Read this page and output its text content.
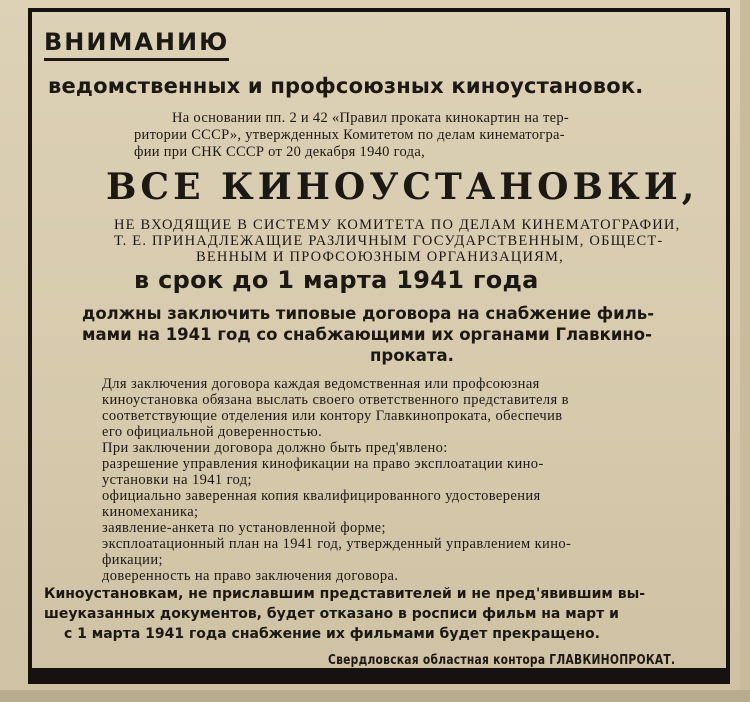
ВНИМАНИЮ
ведомственных и профсоюзных киноустановок.
На основании пп. 2 и 42 «Правил проката кинокартин на тер-
ритории СССР», утвержденных Комитетом по делам кинематогра-
фии при СНК СССР от 20 декабря 1940 года,
ВСЕ КИНОУСТАНОВКИ,
НЕ ВХОДЯЩИЕ В СИСТЕМУ КОМИТЕТА ПО ДЕЛАМ КИНЕМАТОГРАФИИ,
Т. Е. ПРИНАДЛЕЖАЩИЕ РАЗЛИЧНЫМ ГОСУДАРСТВЕННЫМ, ОБЩЕСТ-
ВЕННЫМ И ПРОФСОЮЗНЫМ ОРГАНИЗАЦИЯМ,
в срок до 1 марта 1941 года
должны заключить типовые договора на снабжение филь-
мами на 1941 год со снабжающими их органами Главкино-
проката.
Для заключения договора каждая ведомственная или профсоюзная
киноустановка обязана выслать своего ответственного представителя в
соответствующие отделения или контору Главкинопроката, обеспечив
его официальной доверенностью.
При заключении договора должно быть пред'явлено:
разрешение управления кинофикации на право эксплоатации кино-
установки на 1941 год;
официально заверенная копия квалифицированного удостоверения
киномеханика;
заявление-анкета по установленной форме;
эксплоатационный план на 1941 год, утвержденный управлением кино-
фикации;
доверенность на право заключения договора.
Киноустановкам, не приславшим представителей и не пред'явившим вы-
шеуказанных документов, будет отказано в росписи фильм на март и
с 1 марта 1941 года снабжение их фильмами будет прекращено.
Свердловская областная контора ГЛАВКИНОПРОКАТ.
